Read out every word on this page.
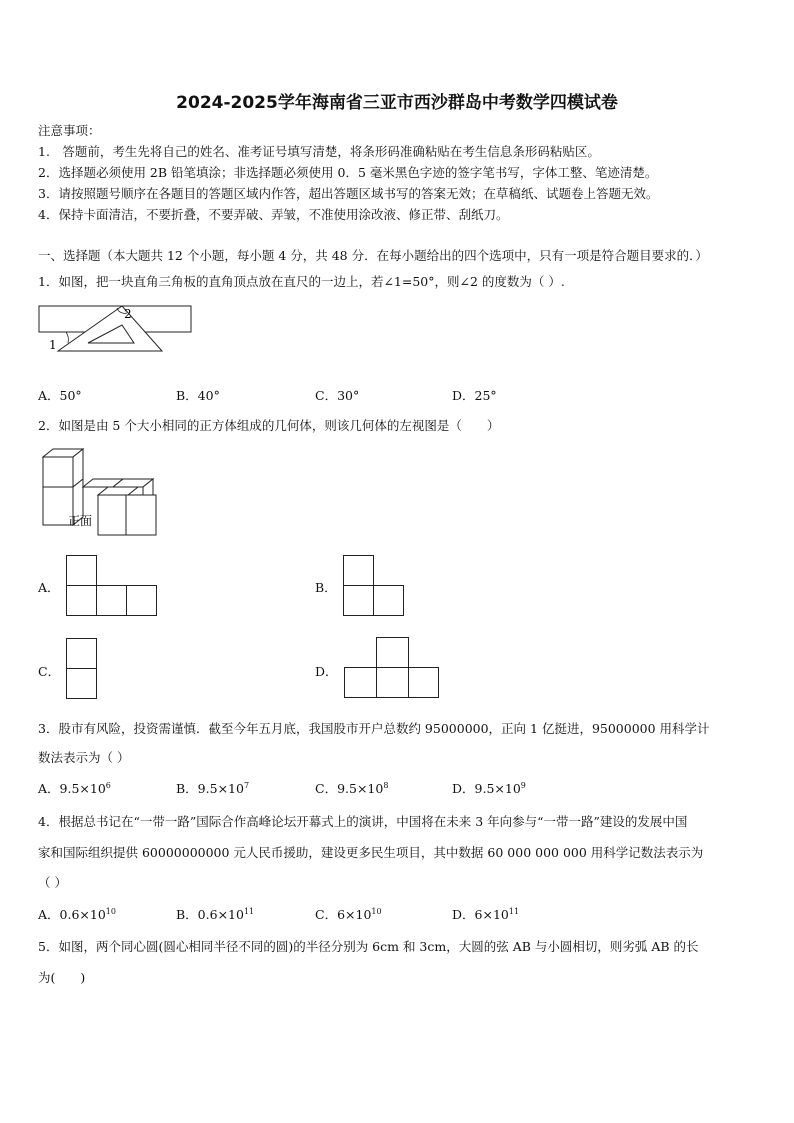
2024-2025学年海南省三亚市西沙群岛中考数学四模试卷
注意事项：
1.　答题前，考生先将自己的姓名、准考证号填写清楚，将条形码准确粘贴在考生信息条形码粘贴区。
2．选择题必须使用 2B 铅笔填涂；非选择题必须使用 0．5 毫米黑色字迹的签字笔书写，字体工整、笔迹清楚。
3．请按照题号顺序在各题目的答题区域内作答，超出答题区域书写的答案无效；在草稿纸、试题卷上答题无效。
4．保持卡面清洁，不要折叠，不要弄破、弄皱，不准使用涂改液、修正带、刮纸刀。
一、选择题（本大题共 12 个小题，每小题 4 分，共 48 分．在每小题给出的四个选项中，只有一项是符合题目要求的．）
1．如图，把一块直角三角板的直角顶点放在直尺的一边上，若∠1=50°，则∠2 的度数为（ ）.
1
2
A．50°	B．40°	C．30°	D．25°
2．如图是由 5 个大小相同的正方体组成的几何体，则该几何体的左视图是（　　）
正面
A．	B．
C．	D．
3．股市有风险，投资需谨慎．截至今年五月底，我国股市开户总数约 95000000，正向 1 亿挺进，95000000 用科学计
数法表示为（ ）
A．$9.5\times 10^6$	B．$9.5\times 10^7$	C．$9.5\times 10^8$	D．$9.5\times 10^9$
4．根据总书记在“一带一路”国际合作高峰论坛开幕式上的演讲，中国将在未来 3 年向参与“一带一路”建设的发展中国
家和国际组织提供 60000000000 元人民币援助，建设更多民生项目，其中数据 60 000 000 000 用科学记数法表示为
（ ）
A．$0.6\times 10^{10}$	B．$0.6\times 10^{11}$	C．$6\times 10^{10}$	D．$6\times 10^{11}$
5．如图，两个同心圆(圆心相同半径不同的圆)的半径分别为 6cm 和 3cm，大圆的弦 AB 与小圆相切，则劣弧 AB 的长
为(　　)
